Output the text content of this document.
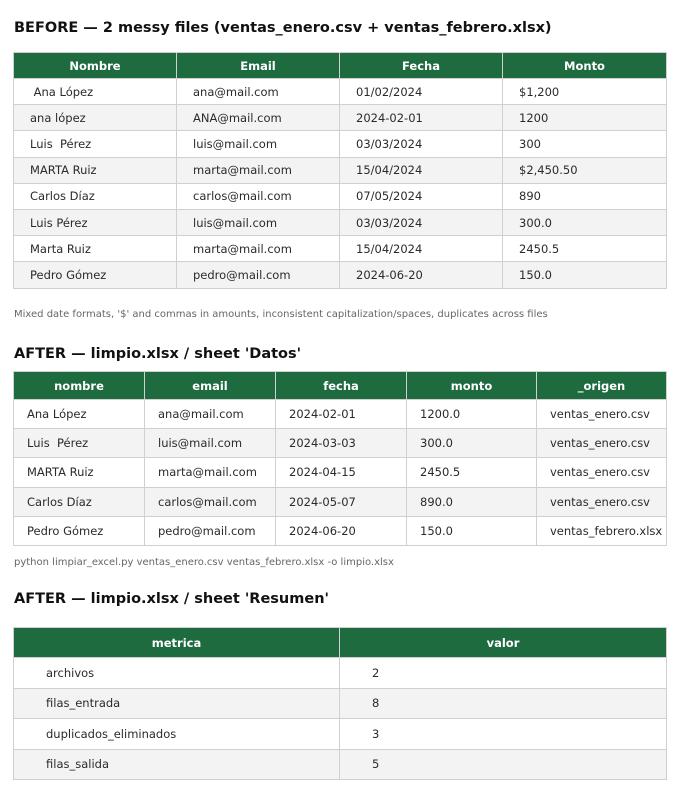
BEFORE — 2 messy files (ventas_enero.csv + ventas_febrero.xlsx)
Nombre	Email	Fecha	Monto
Ana López	ana@mail.com	01/02/2024	$1,200
ana lópez	ANA@mail.com	2024-02-01	1200
Luis  Pérez	luis@mail.com	03/03/2024	300
MARTA Ruiz	marta@mail.com	15/04/2024	$2,450.50
Carlos Díaz	carlos@mail.com	07/05/2024	890
Luis Pérez	luis@mail.com	03/03/2024	300.0
Marta Ruiz	marta@mail.com	15/04/2024	2450.5
Pedro Gómez	pedro@mail.com	2024-06-20	150.0
Mixed date formats, '$' and commas in amounts, inconsistent capitalization/spaces, duplicates across files
AFTER — limpio.xlsx / sheet 'Datos'
nombre	email	fecha	monto	_origen
Ana López	ana@mail.com	2024-02-01	1200.0	ventas_enero.csv
Luis  Pérez	luis@mail.com	2024-03-03	300.0	ventas_enero.csv
MARTA Ruiz	marta@mail.com	2024-04-15	2450.5	ventas_enero.csv
Carlos Díaz	carlos@mail.com	2024-05-07	890.0	ventas_enero.csv
Pedro Gómez	pedro@mail.com	2024-06-20	150.0	ventas_febrero.xlsx
python limpiar_excel.py ventas_enero.csv ventas_febrero.xlsx -o limpio.xlsx
AFTER — limpio.xlsx / sheet 'Resumen'
metrica	valor
archivos	2
filas_entrada	8
duplicados_eliminados	3
filas_salida	5
